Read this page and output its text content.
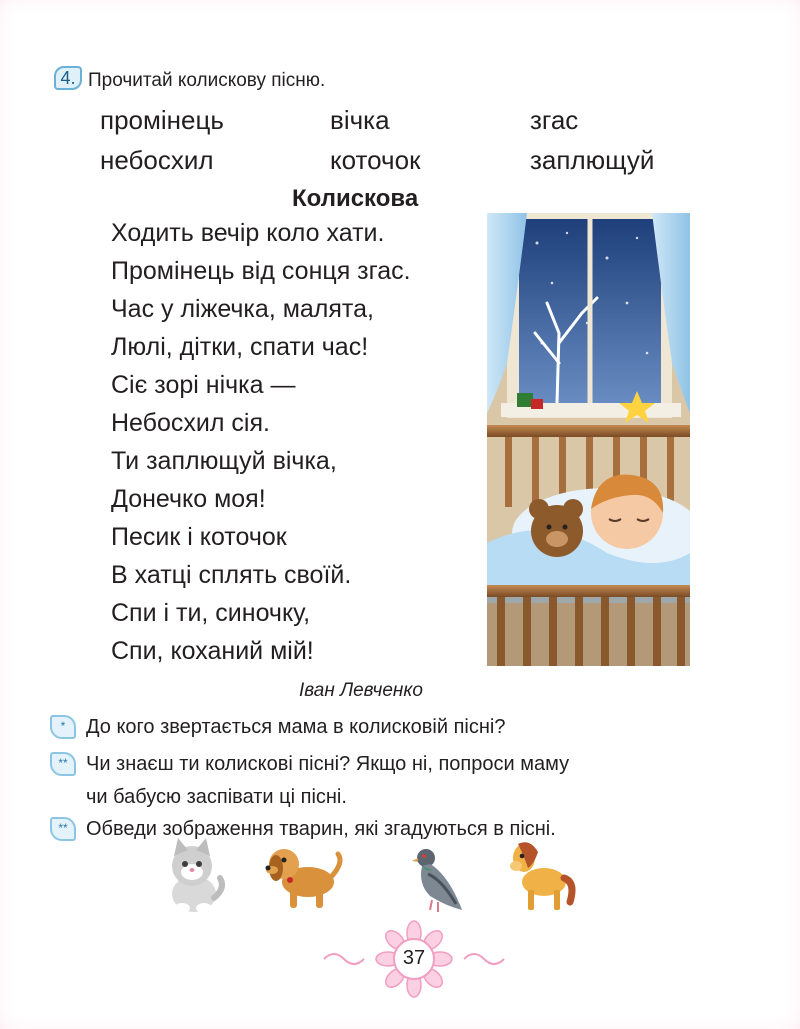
4. Прочитай колискову пісню.
промінець	вічка	згас
небосхил	коточок	заплющуй
Колискова
Ходить вечір коло хати.
Промінець від сонця згас.
Час у ліжечка, малята,
Люлі, дітки, спати час!
Сіє зорі нічка —
Небосхил сія.
Ти заплющуй вічка,
Донечко моя!
Песик і коточок
В хатці сплять своїй.
Спи і ти, синочку,
Спи, коханий мій!
Іван Левченко
*	До кого звертається мама в колисковій пісні?
** Чи знаєш ти колискові пісні? Якщо ні, попроси маму
чи бабусю заспівати ці пісні.
** Обведи зображення тварин, які згадуються в пісні.
37
